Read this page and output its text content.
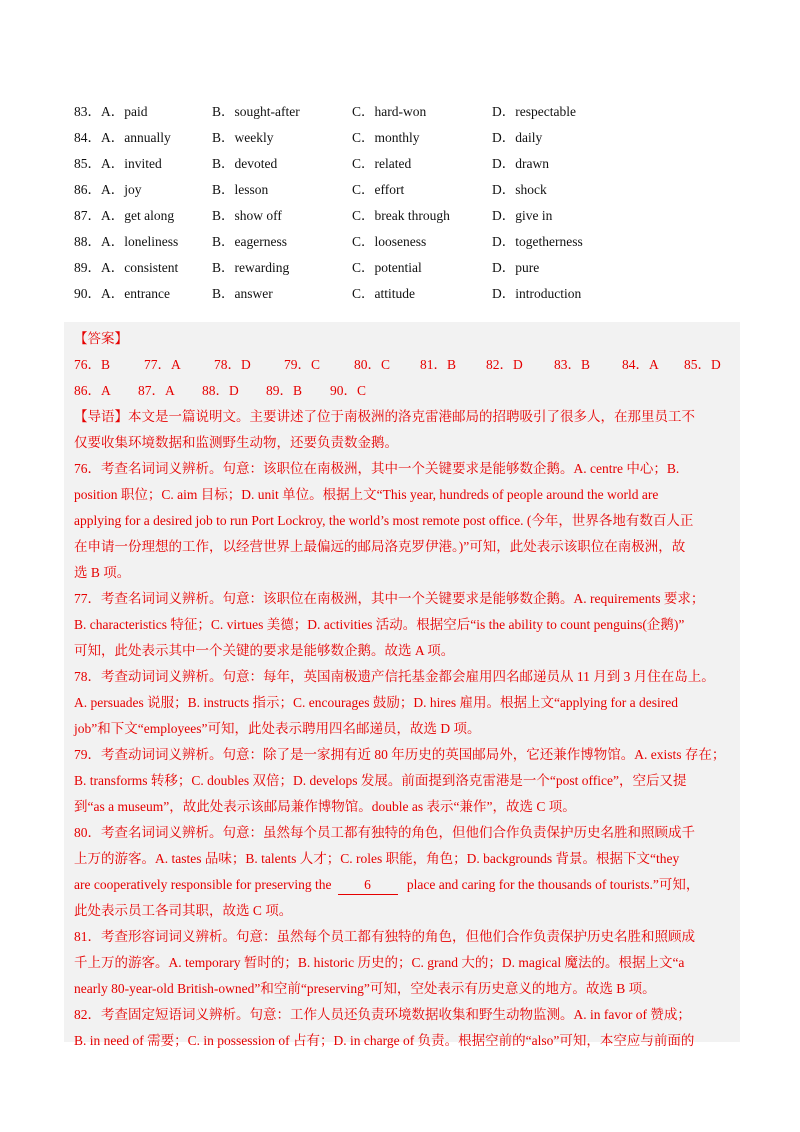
83．A．paid	B．sought-after	C．hard-won	D．respectable
84．A．annually	B．weekly	C．monthly	D．daily
85．A．invited	B．devoted	C．related	D．drawn
86．A．joy	B．lesson	C．effort	D．shock
87．A．get along	B．show off	C．break through	D．give in
88．A．loneliness	B．eagerness	C．looseness	D．togetherness
89．A．consistent	B．rewarding	C．potential	D．pure
90．A．entrance	B．answer	C．attitude	D．introduction
【答案】
76．B	77．A 78．D 79．C	80．C 81．B 82．D 83．B 84．A 85．D
86．A 87．A 88．D 89．B 90．C
【导语】本文是一篇说明文。主要讲述了位于南极洲的洛克雷港邮局的招聘吸引了很多人，在那里员工不
仅要收集环境数据和监测野生动物，还要负责数金鹅。
76．考查名词词义辨析。句意：该职位在南极洲，其中一个关键要求是能够数企鹅。A. centre 中心；B.
position 职位；C. aim 目标；D. unit 单位。根据上文“This year, hundreds of people around the world are
applying for a desired job to run Port Lockroy, the world’s most remote post office. (今年，世界各地有数百人正
在申请一份理想的工作，以经营世界上最偏远的邮局洛克罗伊港。)”可知，此处表示该职位在南极洲，故
选 B 项。
77．考查名词词义辨析。句意：该职位在南极洲，其中一个关键要求是能够数企鹅。A. requirements 要求；
B. characteristics 特征；C. virtues 美德；D. activities 活动。根据空后“is the ability to count penguins(企鹅)”
可知，此处表示其中一个关键的要求是能够数企鹅。故选 A 项。
78．考查动词词义辨析。句意：每年，英国南极遗产信托基金都会雇用四名邮递员从 11 月到 3 月住在岛上。
A. persuades 说服；B. instructs 指示；C. encourages 鼓励；D. hires 雇用。根据上文“applying for a desired
job”和下文“employees”可知，此处表示聘用四名邮递员，故选 D 项。
79．考查动词词义辨析。句意：除了是一家拥有近 80 年历史的英国邮局外，它还兼作博物馆。A. exists 存在；
B. transforms 转移；C. doubles 双倍；D. develops 发展。前面提到洛克雷港是一个“post office”，空后又提
到“as a museum”，故此处表示该邮局兼作博物馆。double as 表示“兼作”，故选 C 项。
80．考查名词词义辨析。句意：虽然每个员工都有独特的角色，但他们合作负责保护历史名胜和照顾成千
上万的游客。A. tastes 品味；B. talents 人才；C. roles 职能，角色；D. backgrounds 背景。根据下文“they
are cooperatively responsible for preserving the 6 place and caring for the thousands of tourists.”可知，
此处表示员工各司其职，故选 C 项。
81．考查形容词词义辨析。句意：虽然每个员工都有独特的角色，但他们合作负责保护历史名胜和照顾成
千上万的游客。A. temporary 暂时的；B. historic 历史的；C. grand 大的；D. magical 魔法的。根据上文“a
nearly 80-year-old British-owned”和空前“preserving”可知，空处表示有历史意义的地方。故选 B 项。
82．考查固定短语词义辨析。句意：工作人员还负责环境数据收集和野生动物监测。A. in favor of 赞成；
B. in need of 需要；C. in possession of 占有；D. in charge of 负责。根据空前的“also”可知，本空应与前面的
